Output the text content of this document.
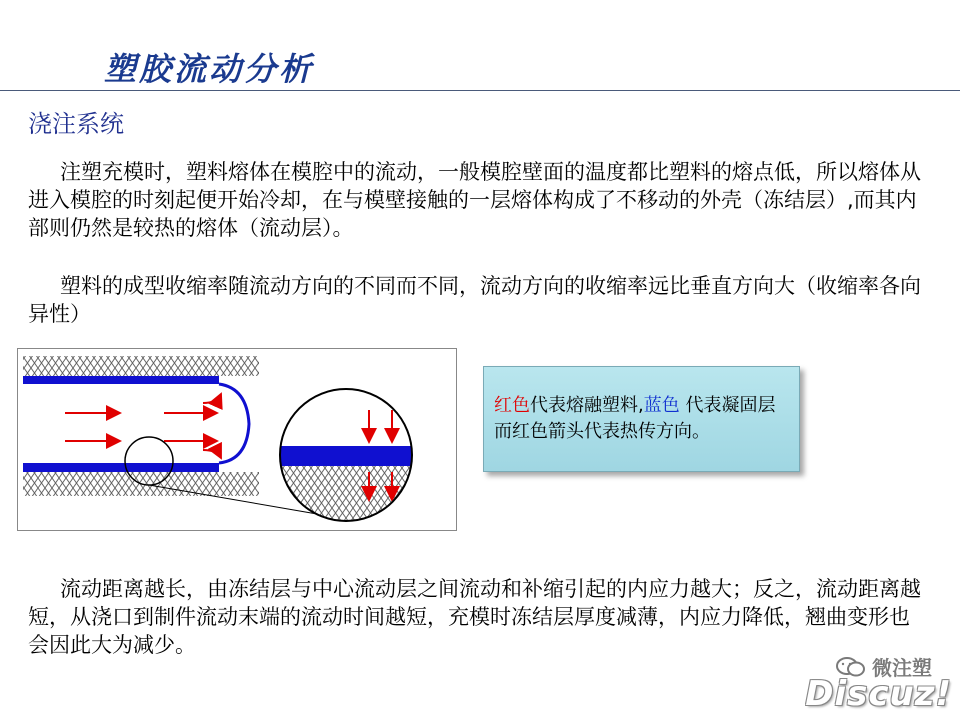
塑胶流动分析
浇注系统
注塑充模时，塑料熔体在模腔中的流动，一般模腔壁面的温度都比塑料的熔点低，所以熔体从进入模腔的时刻起便开始冷却，在与模壁接触的一层熔体构成了不移动的外壳（冻结层）,而其内部则仍然是较热的熔体（流动层）。
塑料的成型收缩率随流动方向的不同而不同，流动方向的收缩率远比垂直方向大（收缩率各向异性）
红色代表熔融塑料,蓝色 代表凝固层而红色箭头代表热传方向。
流动距离越长，由冻结层与中心流动层之间流动和补缩引起的内应力越大；反之，流动距离越短，从浇口到制件流动末端的流动时间越短，充模时冻结层厚度减薄，内应力降低，翘曲变形也会因此大为减少。
微注塑
Discuz!
